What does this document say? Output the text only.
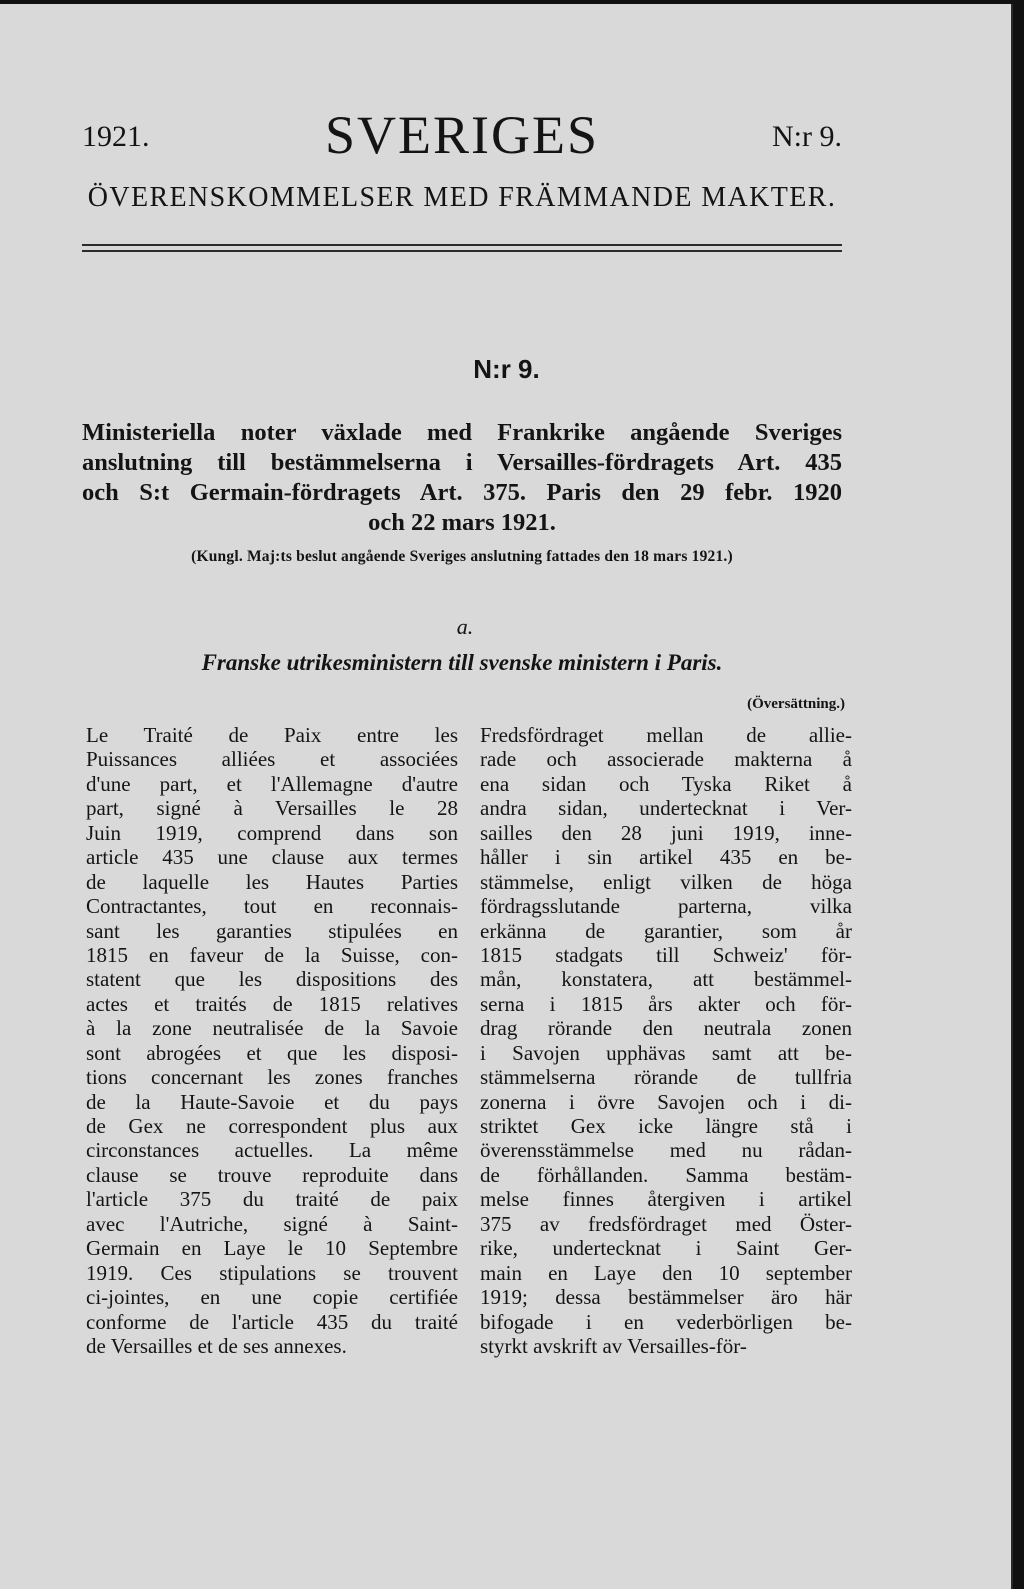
1921.	SVERIGES	N:r 9.
ÖVERENSKOMMELSER MED FRÄMMANDE MAKTER.
N:r 9.
Ministeriella noter växlade med Frankrike angående Sveriges
anslutning till bestämmelserna i Versailles-fördragets Art. 435
och S:t Germain-fördragets Art. 375. Paris den 29 febr. 1920
och 22 mars 1921.
(Kungl. Maj:ts beslut angående Sveriges anslutning fattades den 18 mars 1921.)
a.
Franske utrikesministern till svenske ministern i Paris.
(Översättning.)
Le Traité de Paix entre les
Puissances alliées et associées
d'une part, et l'Allemagne d'autre
part, signé à Versailles le 28
Juin 1919, comprend dans son
article 435 une clause aux termes
de laquelle les Hautes Parties
Contractantes, tout en reconnais-
sant les garanties stipulées en
1815 en faveur de la Suisse, con-
statent que les dispositions des
actes et traités de 1815 relatives
à la zone neutralisée de la Savoie
sont abrogées et que les disposi-
tions concernant les zones franches
de la Haute-Savoie et du pays
de Gex ne correspondent plus aux
circonstances actuelles. La même
clause se trouve reproduite dans
l'article 375 du traité de paix
avec l'Autriche, signé à Saint-
Germain en Laye le 10 Septembre
1919. Ces stipulations se trouvent
ci-jointes, en une copie certifiée
conforme de l'article 435 du traité
de Versailles et de ses annexes.
Fredsfördraget mellan de allie-
rade och associerade makterna å
ena sidan och Tyska Riket å
andra sidan, undertecknat i Ver-
sailles den 28 juni 1919, inne-
håller i sin artikel 435 en be-
stämmelse, enligt vilken de höga
fördragsslutande parterna, vilka
erkänna de garantier, som år
1815 stadgats till Schweiz' för-
mån, konstatera, att bestämmel-
serna i 1815 års akter och för-
drag rörande den neutrala zonen
i Savojen upphävas samt att be-
stämmelserna rörande de tullfria
zonerna i övre Savojen och i di-
striktet Gex icke längre stå i
överensstämmelse med nu rådan-
de förhållanden. Samma bestäm-
melse finnes återgiven i artikel
375 av fredsfördraget med Öster-
rike, undertecknat i Saint Ger-
main en Laye den 10 september
1919; dessa bestämmelser äro här
bifogade i en vederbörligen be-
styrkt avskrift av Versailles-för-
